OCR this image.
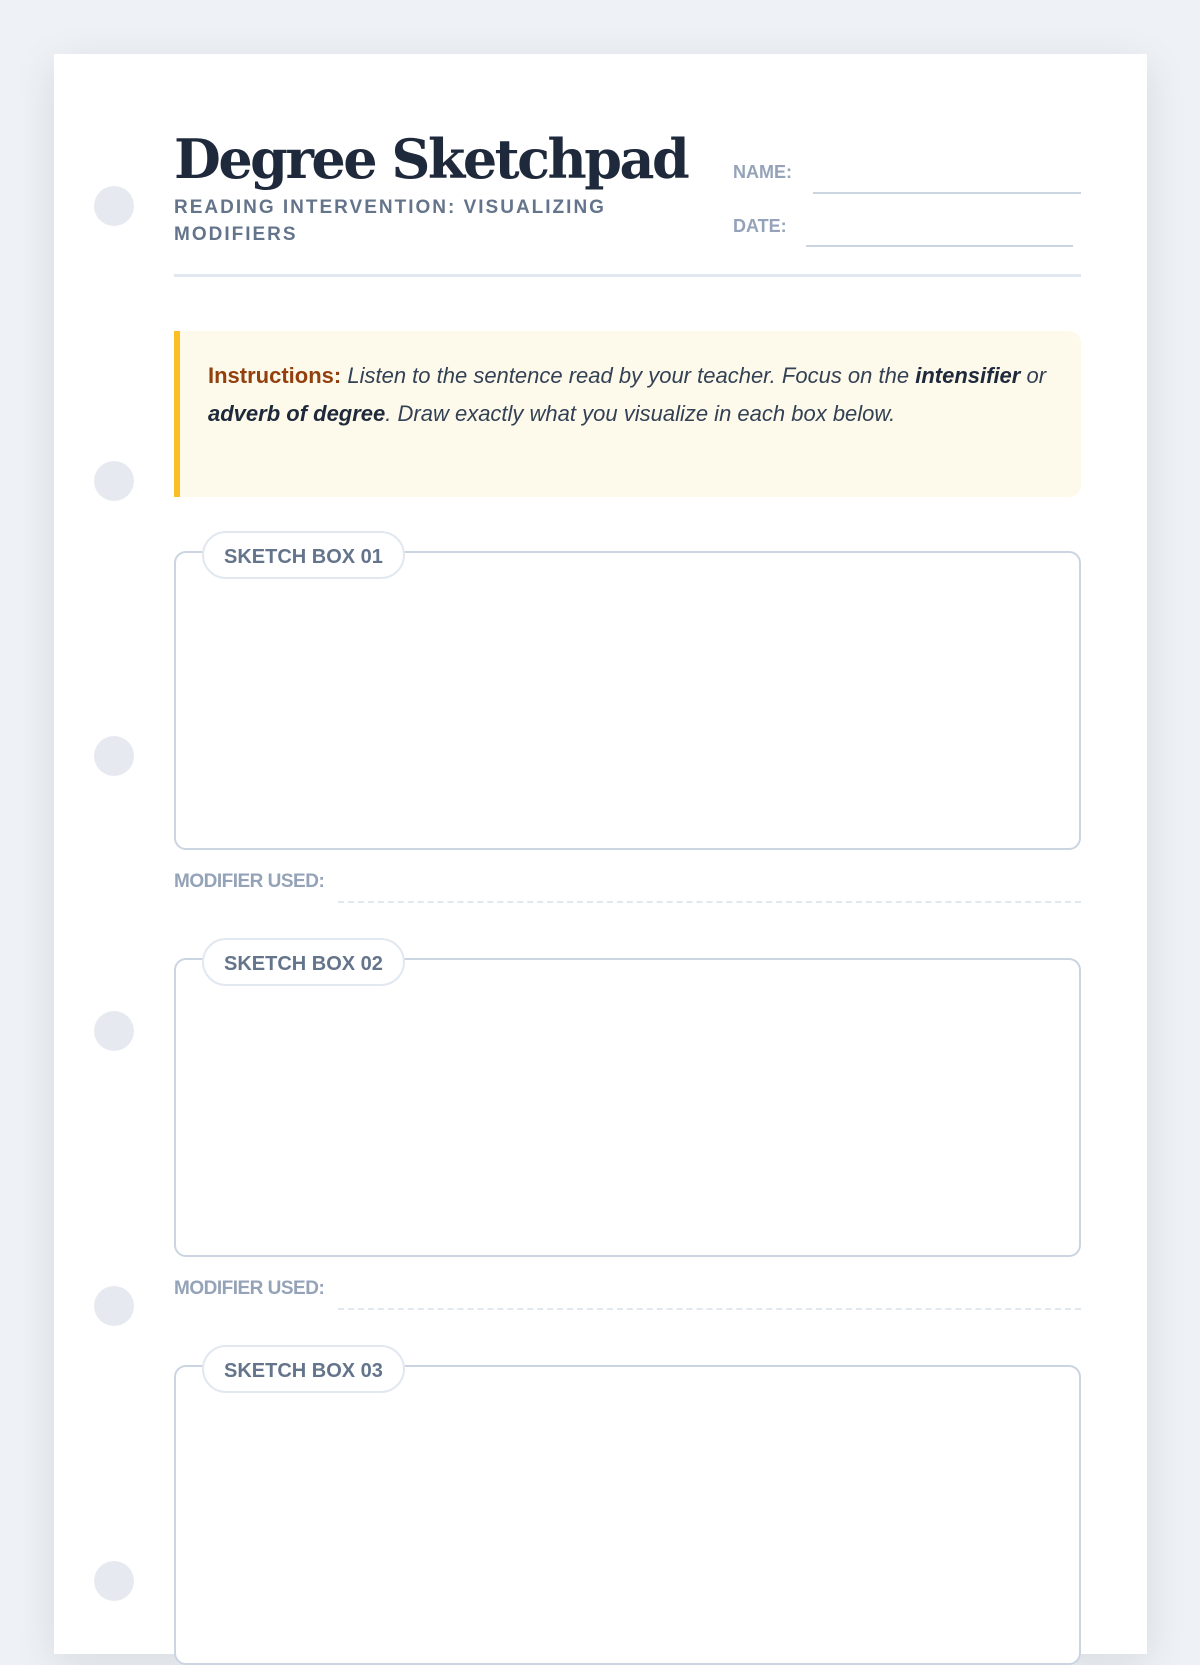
Degree Sketchpad
READING INTERVENTION: VISUALIZING MODIFIERS
NAME:
DATE:
Instructions: Listen to the sentence read by your teacher. Focus on the intensifier or adverb of degree. Draw exactly what you visualize in each box below.
SKETCH BOX 01
MODIFIER USED:
SKETCH BOX 02
MODIFIER USED:
SKETCH BOX 03
